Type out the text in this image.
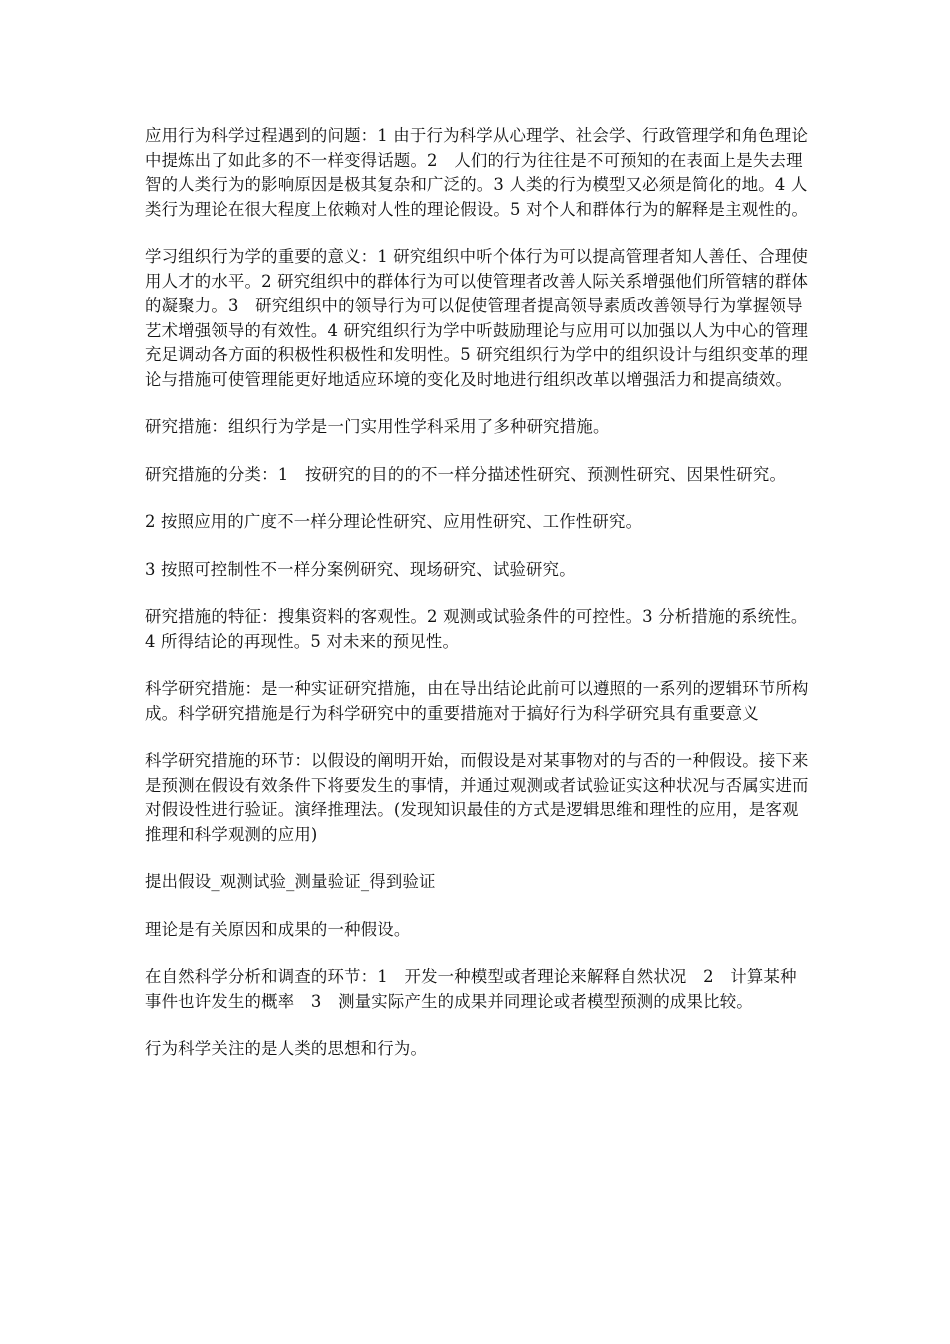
应用行为科学过程遇到的问题：1 由于行为科学从心理学、社会学、行政管理学和角色理论中提炼出了如此多的不一样变得话题。2　人们的行为往往是不可预知的在表面上是失去理智的人类行为的影响原因是极其复杂和广泛的。3 人类的行为模型又必须是简化的地。4 人类行为理论在很大程度上依赖对人性的理论假设。5 对个人和群体行为的解释是主观性的。

学习组织行为学的重要的意义：1 研究组织中听个体行为可以提高管理者知人善任、合理使用人才的水平。2 研究组织中的群体行为可以使管理者改善人际关系增强他们所管辖的群体的凝聚力。3　研究组织中的领导行为可以促使管理者提高领导素质改善领导行为掌握领导艺术增强领导的有效性。4 研究组织行为学中听鼓励理论与应用可以加强以人为中心的管理充足调动各方面的积极性积极性和发明性。5 研究组织行为学中的组织设计与组织变革的理论与措施可使管理能更好地适应环境的变化及时地进行组织改革以增强活力和提高绩效。

研究措施：组织行为学是一门实用性学科采用了多种研究措施。

研究措施的分类：1　按研究的目的的不一样分描述性研究、预测性研究、因果性研究。

2 按照应用的广度不一样分理论性研究、应用性研究、工作性研究。

3 按照可控制性不一样分案例研究、现场研究、试验研究。

研究措施的特征：搜集资料的客观性。2 观测或试验条件的可控性。3 分析措施的系统性。4 所得结论的再现性。5 对未来的预见性。

科学研究措施：是一种实证研究措施，由在导出结论此前可以遵照的一系列的逻辑环节所构成。科学研究措施是行为科学研究中的重要措施对于搞好行为科学研究具有重要意义

科学研究措施的环节：以假设的阐明开始，而假设是对某事物对的与否的一种假设。接下来是预测在假设有效条件下将要发生的事情，并通过观测或者试验证实这种状况与否属实进而对假设性进行验证。演绎推理法。(发现知识最佳的方式是逻辑思维和理性的应用，是客观推理和科学观测的应用)

提出假设_观测试验_测量验证_得到验证

理论是有关原因和成果的一种假设。

在自然科学分析和调查的环节：1　开发一种模型或者理论来解释自然状况　2　计算某种事件也许发生的概率　3　测量实际产生的成果并同理论或者模型预测的成果比较。

行为科学关注的是人类的思想和行为。
